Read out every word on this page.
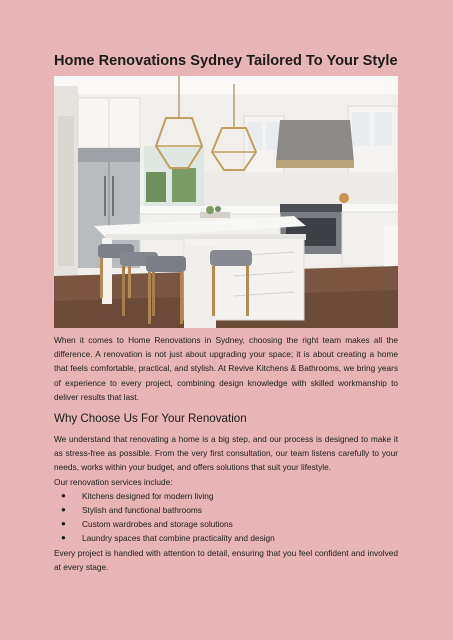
Home Renovations Sydney Tailored To Your Style

When it comes to Home Renovations in Sydney, choosing the right team makes all the difference. A renovation is not just about upgrading your space; it is about creating a home that feels comfortable, practical, and stylish. At Revive Kitchens & Bathrooms, we bring years of experience to every project, combining design knowledge with skilled workmanship to deliver results that last.

Why Choose Us For Your Renovation
We understand that renovating a home is a big step, and our process is designed to make it as stress-free as possible. From the very first consultation, our team listens carefully to your needs, works within your budget, and offers solutions that suit your lifestyle.
Our renovation services include:
● Kitchens designed for modern living
● Stylish and functional bathrooms
● Custom wardrobes and storage solutions
● Laundry spaces that combine practicality and design
Every project is handled with attention to detail, ensuring that you feel confident and involved at every stage.
